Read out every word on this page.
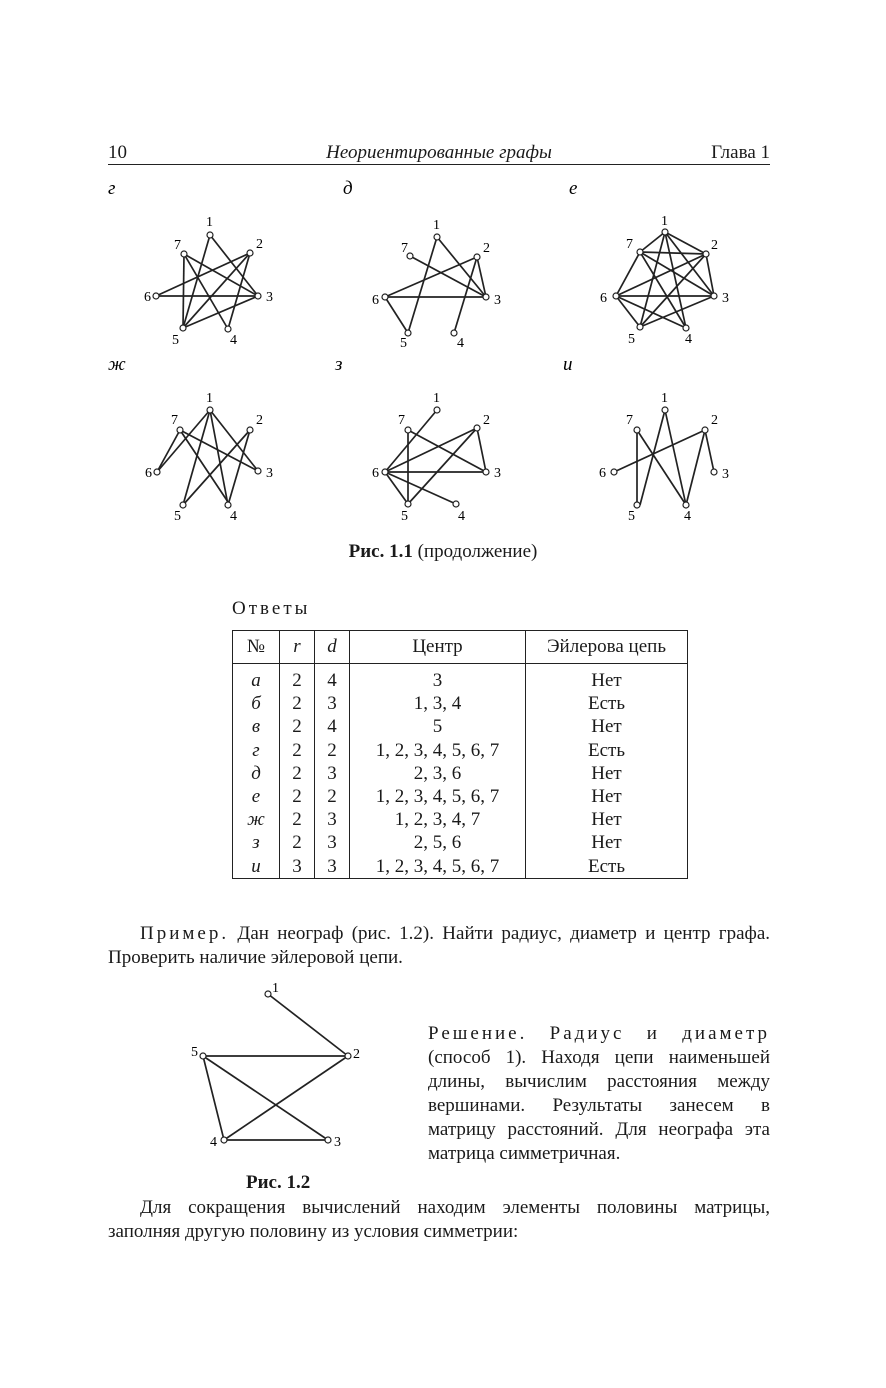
10	Неориентированные графы	Глава 1
г
1
2
3
4
5
6
7
д
1
2
3
4
5
6
7
е
1
2
3
4
5
6
7
ж
1
2
3
4
5
6
7
з
1
2
3
4
5
6
7
и
1
2
3
4
5
6
7
Рис. 1.1 (продолжение)
Ответы
№	r	d	Центр	Эйлерова цепь
а	2	4	3	Нет
б	2	3	1, 3, 4	Есть
в	2	4	5	Нет
г	2	2	1, 2, 3, 4, 5, 6, 7	Есть
д	2	3	2, 3, 6	Нет
е	2	2	1, 2, 3, 4, 5, 6, 7	Нет
ж	2	3	1, 2, 3, 4, 7	Нет
з	2	3	2, 5, 6	Нет
и	3	3	1, 2, 3, 4, 5, 6, 7	Есть
Пример. Дан неограф (рис. 1.2). Найти радиус, диаметр и центр графа. Проверить наличие эйлеровой цепи.
1
2
3
4
5
Рис. 1.2
Решение. Радиус и диаметр (способ 1). Находя цепи наименьшей длины, вычислим расстояния между вершинами. Результаты занесем в матрицу расстояний. Для неографа эта матрица симметричная.
Для сокращения вычислений находим элементы половины матрицы, заполняя другую половину из условия симметрии:
